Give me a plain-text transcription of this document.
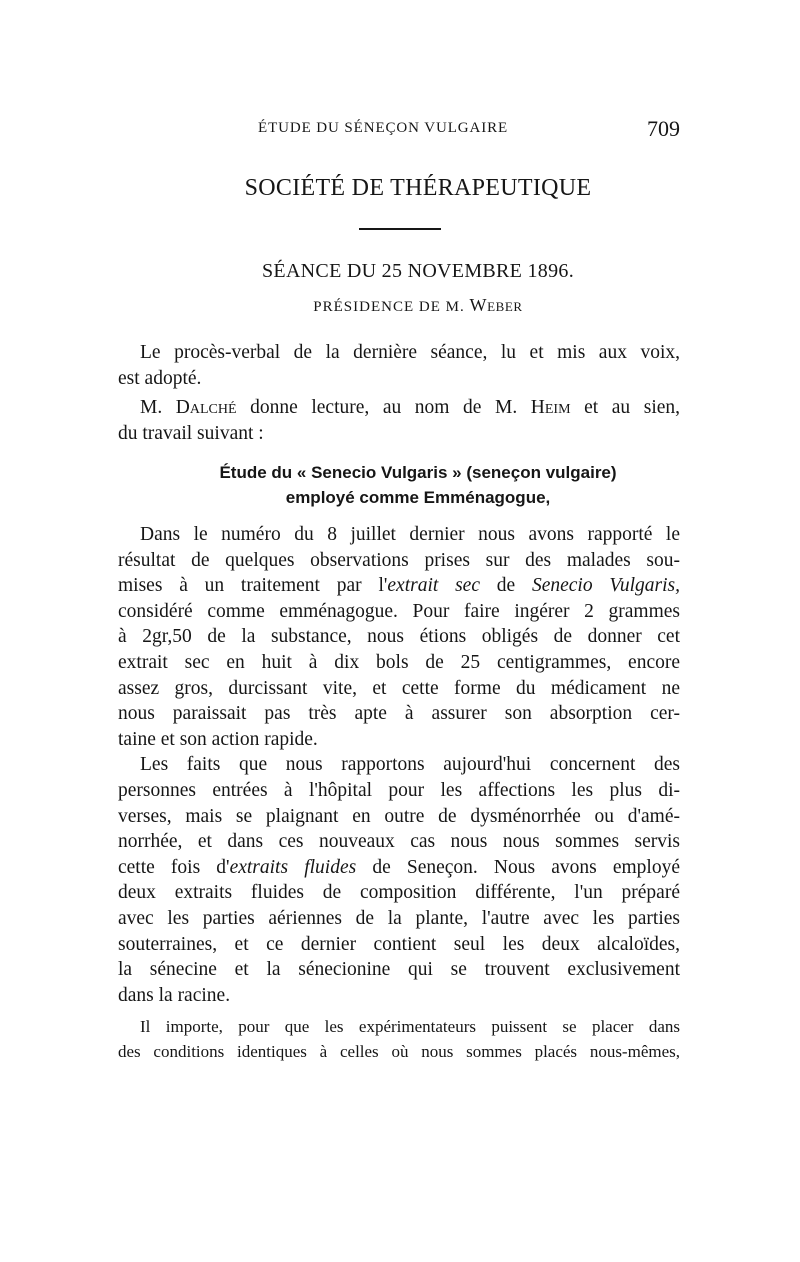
ÉTUDE DU SÉNEÇON VULGAIRE	709
SOCIÉTÉ DE THÉRAPEUTIQUE
SÉANCE DU 25 NOVEMBRE 1896.
PRÉSIDENCE DE M. Weber
Le procès-verbal de la dernière séance, lu et mis aux voix,
est adopté.
M. Dalché donne lecture, au nom de M. Heim et au sien,
du travail suivant :
Étude du « Senecio Vulgaris » (seneçon vulgaire)
employé comme Emménagogue,
Dans le numéro du 8 juillet dernier nous avons rapporté le
résultat de quelques observations prises sur des malades sou-
mises à un traitement par l'extrait sec de Senecio Vulgaris,
considéré comme emménagogue. Pour faire ingérer 2 grammes
à 2gr,50 de la substance, nous étions obligés de donner cet
extrait sec en huit à dix bols de 25 centigrammes, encore
assez gros, durcissant vite, et cette forme du médicament ne
nous paraissait pas très apte à assurer son absorption cer-
taine et son action rapide.
Les faits que nous rapportons aujourd'hui concernent des
personnes entrées à l'hôpital pour les affections les plus di-
verses, mais se plaignant en outre de dysménorrhée ou d'amé-
norrhée, et dans ces nouveaux cas nous nous sommes servis
cette fois d'extraits fluides de Seneçon. Nous avons employé
deux extraits fluides de composition différente, l'un préparé
avec les parties aériennes de la plante, l'autre avec les parties
souterraines, et ce dernier contient seul les deux alcaloïdes,
la sénecine et la sénecionine qui se trouvent exclusivement
dans la racine.
Il importe, pour que les expérimentateurs puissent se placer dans
des conditions identiques à celles où nous sommes placés nous-mêmes,
